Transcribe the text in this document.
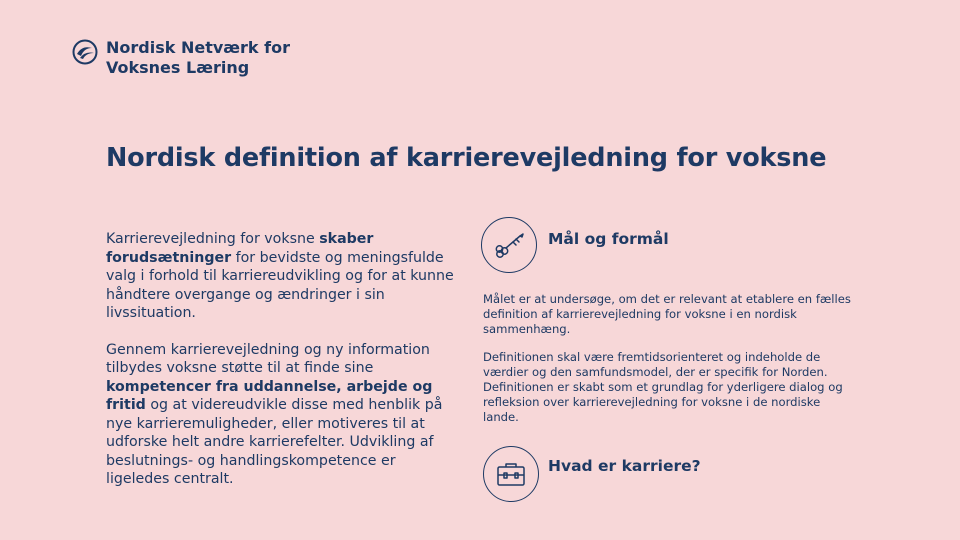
Nordisk Netværk for
Voksnes Læring
Nordisk definition af karrierevejledning for voksne

Karrierevejledning for voksne skaber forudsætninger for bevidste og meningsfulde valg i forhold til karriereudvikling og for at kunne håndtere overgange og ændringer i sin livssituation.

Gennem karrierevejledning og ny information tilbydes voksne støtte til at finde sine kompetencer fra uddannelse, arbejde og fritid og at videreudvikle disse med henblik på nye karrieremuligheder, eller motiveres til at udforske helt andre karrierefelter. Udvikling af beslutnings- og handlingskompetence er ligeledes centralt.

Mål og formål

Målet er at undersøge, om det er relevant at etablere en fælles definition af karrierevejledning for voksne i en nordisk sammenhæng.

Definitionen skal være fremtidsorienteret og indeholde de værdier og den samfundsmodel, der er specifik for Norden. Definitionen er skabt som et grundlag for yderligere dialog og refleksion over karrierevejledning for voksne i de nordiske lande.

Hvad er karriere?
